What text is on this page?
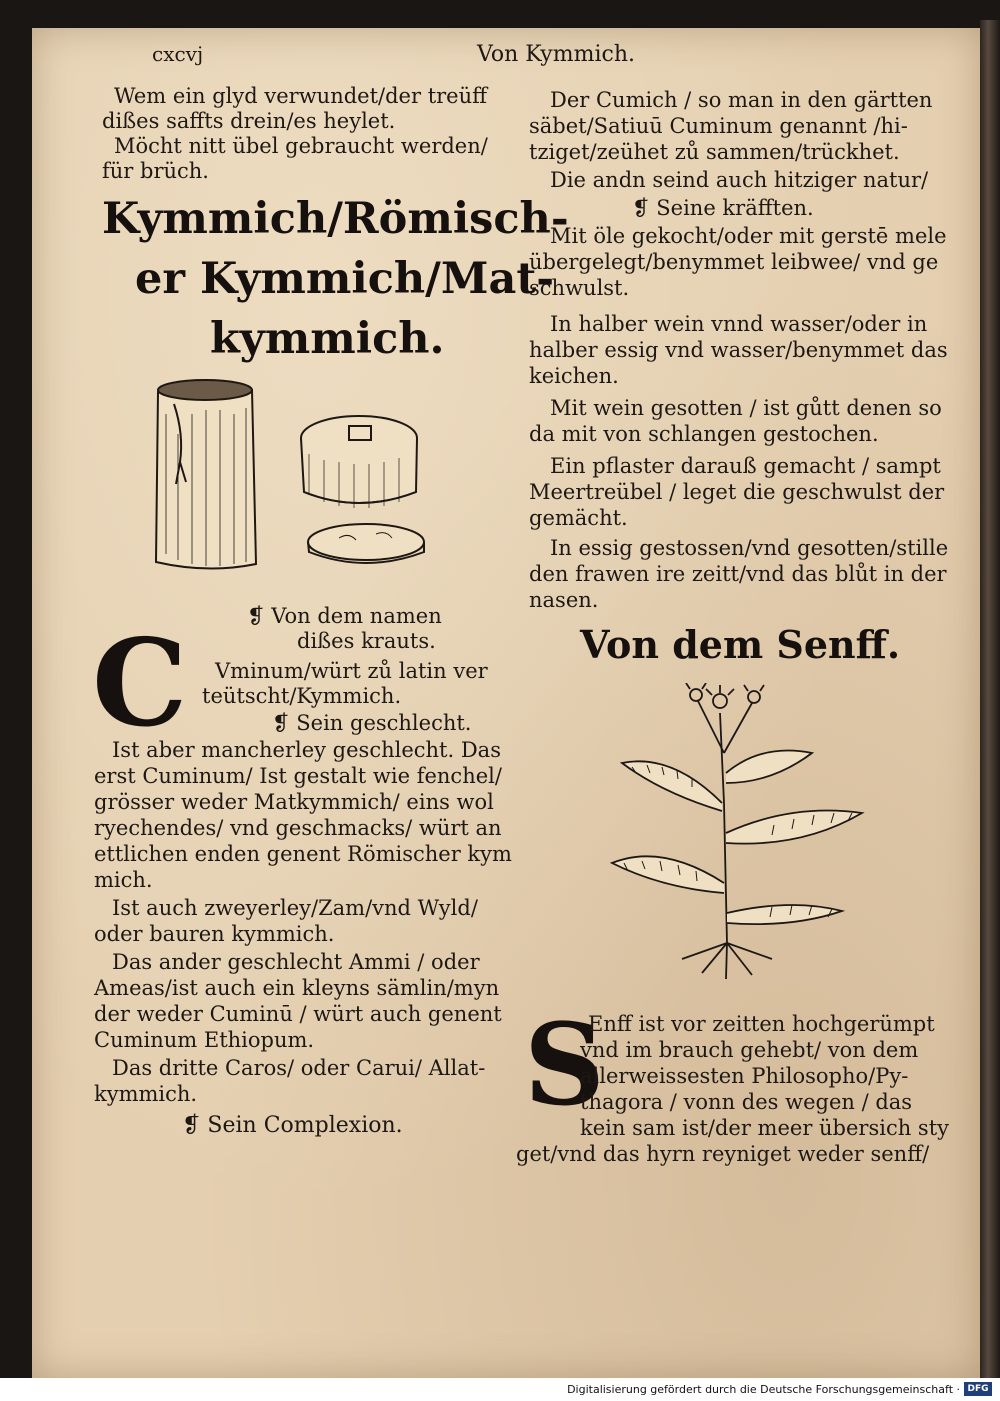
cxcvj	Von Kymmich.
Wem ein glyd verwundet/der treüff
dißes saffts drein/es heylet.
Möcht nitt übel gebraucht werden/
für brüch.
Kymmich/Römisch-
er Kymmich/Mat-
kymmich.
❡ Von dem namen
dißes krauts.
C Vminum/würt zů latin ver
teütscht/Kymmich.
❡ Sein geschlecht.
Ist aber mancherley geschlecht. Das
erst Cuminum/ Ist gestalt wie fenchel/
grösser weder Matkymmich/ eins wol
ryechendes/ vnd geschmacks/ würt an
ettlichen enden genent Römischer kym
mich.
Ist auch zweyerley/Zam/vnd Wyld/
oder bauren kymmich.
Das ander geschlecht Ammi / oder
Ameas/ist auch ein kleyns sämlin/myn
der weder Cuminū / würt auch genent
Cuminum Ethiopum.
Das dritte Caros/ oder Carui/ Allat-
kymmich.
❡ Sein Complexion.
Der Cumich / so man in den gärtten
säbet/Satiuū Cuminum genannt /hi-
tziget/zeühet zů sammen/trückhet.
Die andn seind auch hitziger natur/
❡ Seine kräfften.
Mit öle gekocht/oder mit gerstē mele
übergelegt/benymmet leibwee/ vnd ge
schwulst.
In halber wein vnnd wasser/oder in
halber essig vnd wasser/benymmet das
keichen.
Mit wein gesotten / ist gůtt denen so
da mit von schlangen gestochen.
Ein pflaster darauß gemacht / sampt
Meertreübel / leget die geschwulst der
gemächt.
In essig gestossen/vnd gesotten/stille
den frawen ire zeitt/vnd das blůt in der
nasen.
Von dem Senff.
S
Enff ist vor zeitten hochgerümpt
vnd im brauch gehebt/ von dem
allerweissesten Philosopho/Py-
thagora / vonn des wegen / das
kein sam ist/der meer übersich sty
get/vnd das hyrn reyniget weder senff/
Digitalisierung gefördert durch die Deutsche Forschungsgemeinschaft · DFG
